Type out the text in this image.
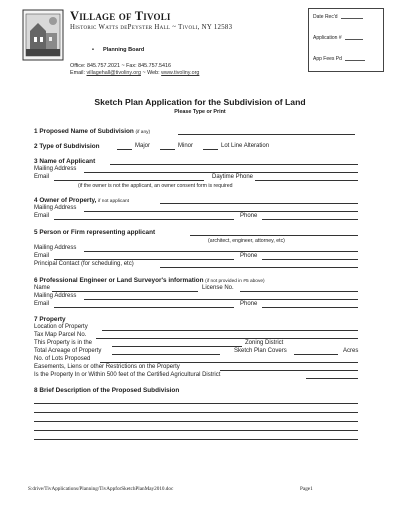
Village of Tivoli
Historic Watts dePeyster Hall ~ Tivoli, NY 12583
• Planning Board
Office: 845.757.2021 ~ Fax: 845.757.5416
Email: villagehall@tivoliny.org ~ Web: www.tivoliny.org
Date Rec'd
Application #
App Fees Pd
Sketch Plan Application for the Subdivision of Land
Please Type or Print
1 Proposed Name of Subdivision (if any)
2 Type of Subdivision	Major	Minor	Lot Line Alteration
3 Name of Applicant
Mailing Address
Email	Daytime Phone
(if the owner is not the applicant, an owner consent form is required
4 Owner of Property, if not applicant
Mailing Address
Email	Phone
5 Person or Firm representing applicant
(architect, engineer, attorney, etc)
Mailing Address
Email	Phone
Principal Contact (for scheduling, etc)
6 Professional Engineer or Land Surveyor's information (if not provided in #5 above)
Name	License No.
Mailing Address
Email	Phone
7 Property
Location of Property
Tax Map Parcel No.
This Property is in the	Zoning District
Total Acreage of Property	Sketch Plan Covers	Acres
No. of Lots Proposed
Easements, Liens or other Restrictions on the Property
Is the Property In or Within 500 feet of the Certified Agricultural District
8 Brief Description of the Proposed Subdivision
S:drive/TivApplications/Planning/TivAppforSketchPlanMay2010.doc	Page1
